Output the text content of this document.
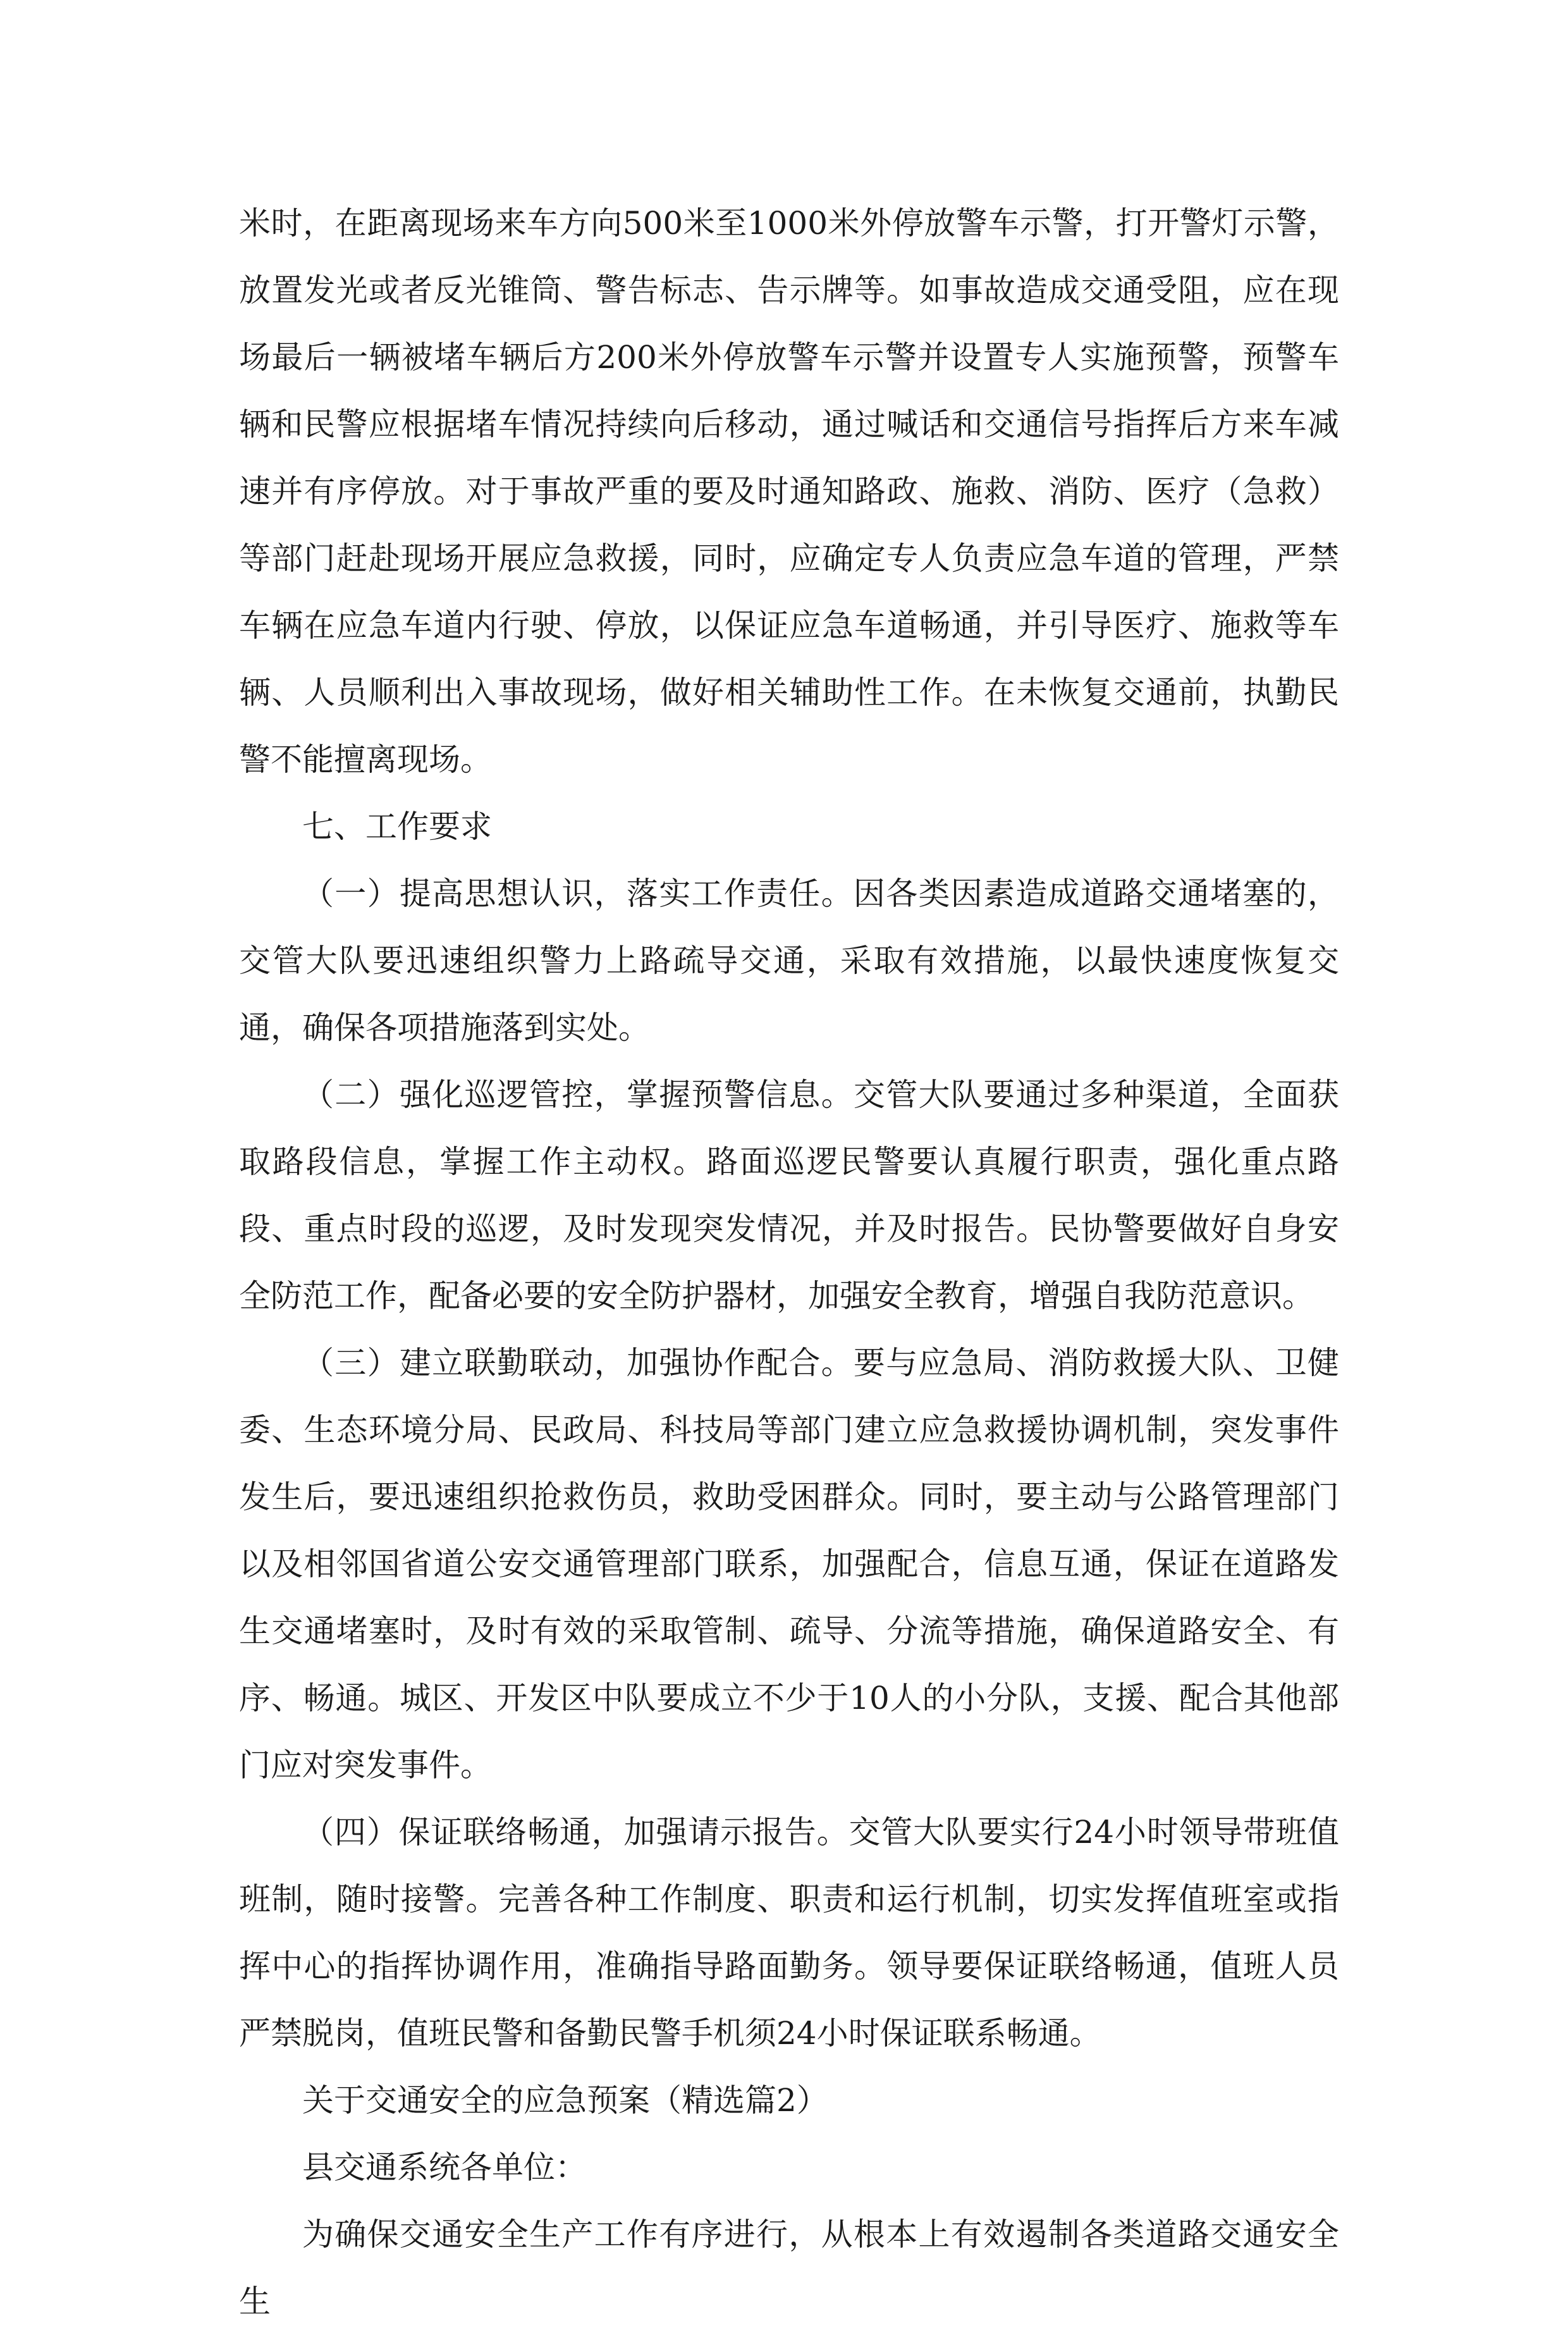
米时，在距离现场来车方向500米至1000米外停放警车示警，打开警灯示警，放置发光或者反光锥筒、警告标志、告示牌等。如事故造成交通受阻，应在现场最后一辆被堵车辆后方200米外停放警车示警并设置专人实施预警，预警车辆和民警应根据堵车情况持续向后移动，通过喊话和交通信号指挥后方来车减速并有序停放。对于事故严重的要及时通知路政、施救、消防、医疗（急救）等部门赶赴现场开展应急救援，同时，应确定专人负责应急车道的管理，严禁车辆在应急车道内行驶、停放，以保证应急车道畅通，并引导医疗、施救等车辆、人员顺利出入事故现场，做好相关辅助性工作。在未恢复交通前，执勤民警不能擅离现场。

七、工作要求

（一）提高思想认识，落实工作责任。因各类因素造成道路交通堵塞的，交管大队要迅速组织警力上路疏导交通，采取有效措施，以最快速度恢复交通，确保各项措施落到实处。

（二）强化巡逻管控，掌握预警信息。交管大队要通过多种渠道，全面获取路段信息，掌握工作主动权。路面巡逻民警要认真履行职责，强化重点路段、重点时段的巡逻，及时发现突发情况，并及时报告。民协警要做好自身安全防范工作，配备必要的安全防护器材，加强安全教育，增强自我防范意识。

（三）建立联勤联动，加强协作配合。要与应急局、消防救援大队、卫健委、生态环境分局、民政局、科技局等部门建立应急救援协调机制，突发事件发生后，要迅速组织抢救伤员，救助受困群众。同时，要主动与公路管理部门以及相邻国省道公安交通管理部门联系，加强配合，信息互通，保证在道路发生交通堵塞时，及时有效的采取管制、疏导、分流等措施，确保道路安全、有序、畅通。城区、开发区中队要成立不少于10人的小分队，支援、配合其他部门应对突发事件。

（四）保证联络畅通，加强请示报告。交管大队要实行24小时领导带班值班制，随时接警。完善各种工作制度、职责和运行机制，切实发挥值班室或指挥中心的指挥协调作用，准确指导路面勤务。领导要保证联络畅通，值班人员严禁脱岗，值班民警和备勤民警手机须24小时保证联系畅通。

关于交通安全的应急预案（精选篇2）

县交通系统各单位：

为确保交通安全生产工作有序进行，从根本上有效遏制各类道路交通安全生
